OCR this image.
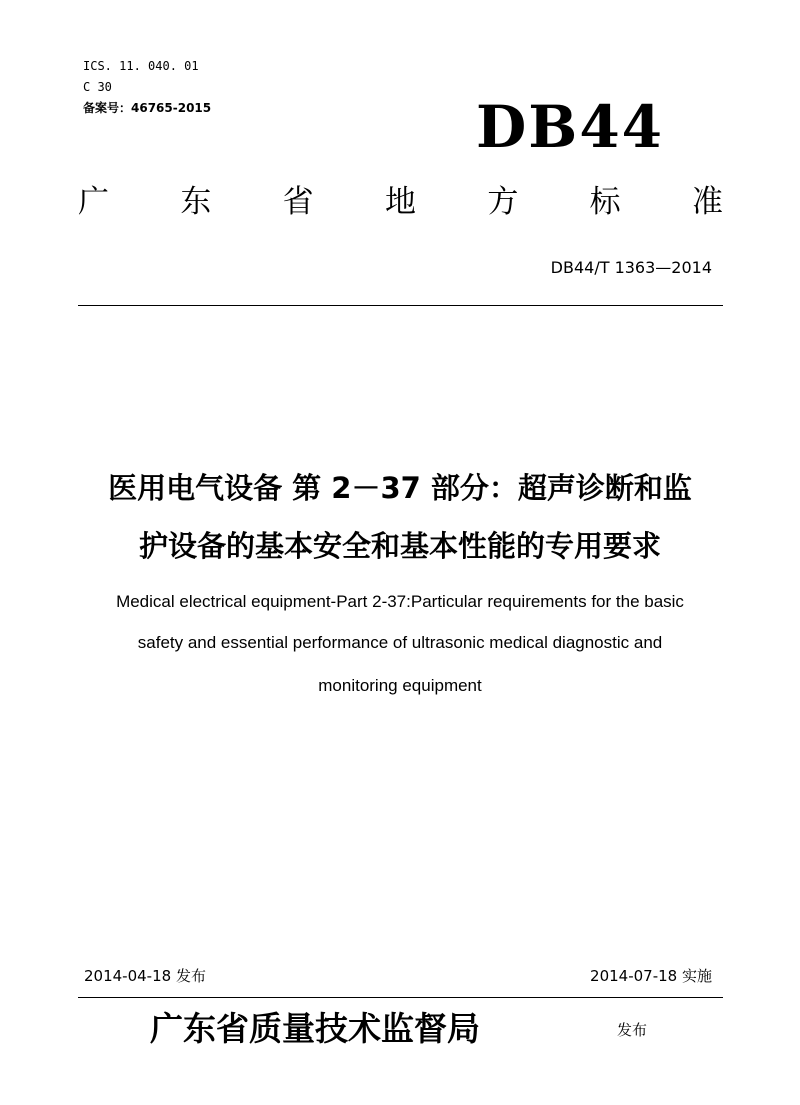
ICS. 11. 040. 01
C 30
备案号：46765-2015	DB44
广 东 省 地 方 标 准
DB44/T 1363—2014
医用电气设备 第 2－37 部分：超声诊断和监
护设备的基本安全和基本性能的专用要求
Medical electrical equipment-Part 2-37:Particular requirements for the basic
safety and essential performance of ultrasonic medical diagnostic and
monitoring equipment
2014-04-18 发布	2014-07-18 实施
广东省质量技术监督局	发布
